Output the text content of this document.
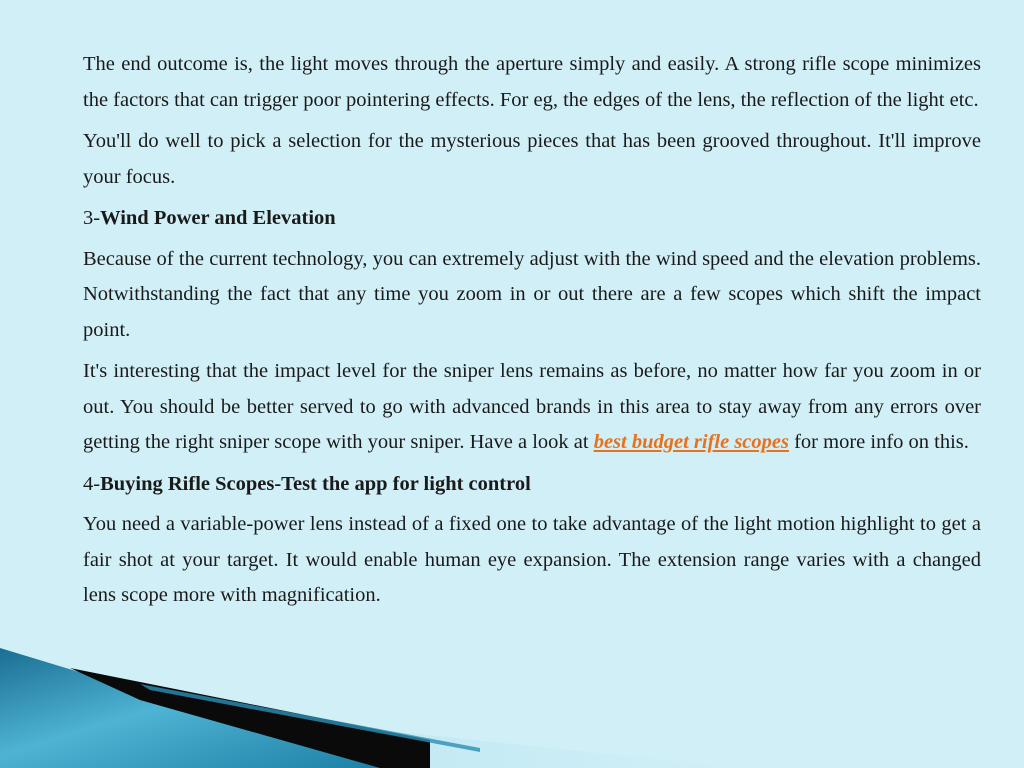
The end outcome is, the light moves through the aperture simply and easily. A strong rifle scope minimizes the factors that can trigger poor pointering effects. For eg, the edges of the lens, the reflection of the light etc.

You'll do well to pick a selection for the mysterious pieces that has been grooved throughout. It'll improve your focus.

3-Wind Power and Elevation

Because of the current technology, you can extremely adjust with the wind speed and the elevation problems. Notwithstanding the fact that any time you zoom in or out there are a few scopes which shift the impact point.

It's interesting that the impact level for the sniper lens remains as before, no matter how far you zoom in or out. You should be better served to go with advanced brands in this area to stay away from any errors over getting the right sniper scope with your sniper. Have a look at best budget rifle scopes for more info on this.

4-Buying Rifle Scopes-Test the app for light control

You need a variable-power lens instead of a fixed one to take advantage of the light motion highlight to get a fair shot at your target. It would enable human eye expansion. The extension range varies with a changed lens scope more with magnification.
